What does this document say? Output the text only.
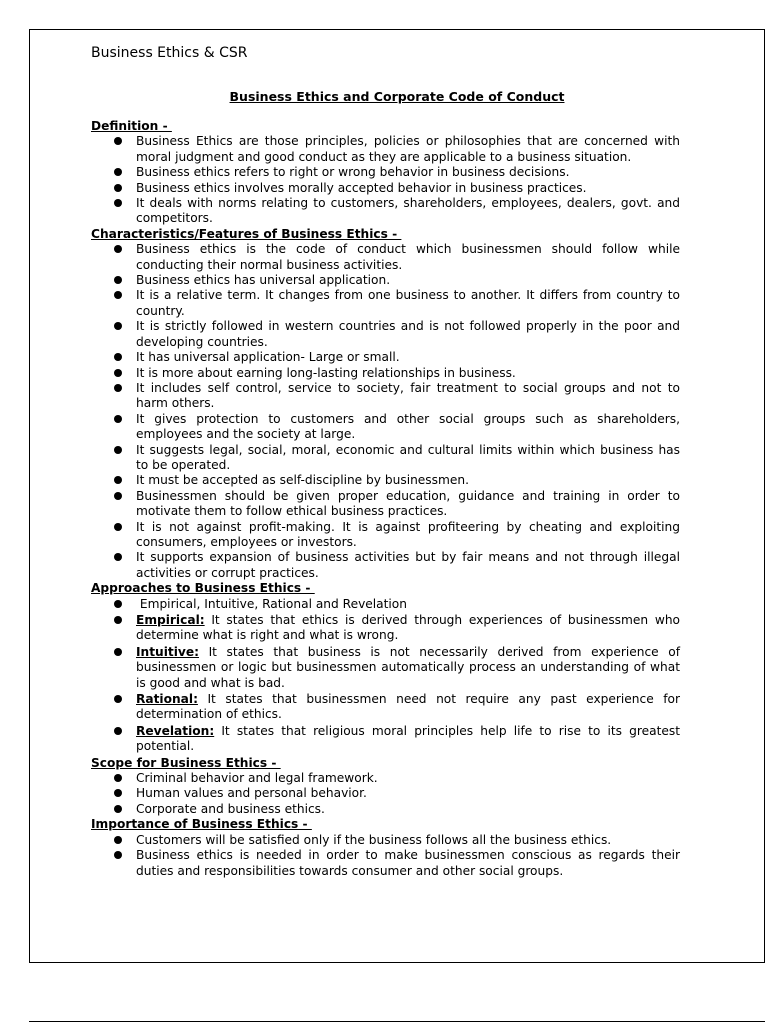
Business Ethics & CSR
Business Ethics and Corporate Code of Conduct
Definition -
Business Ethics are those principles, policies or philosophies that are concerned with moral judgment and good conduct as they are applicable to a business situation.
Business ethics refers to right or wrong behavior in business decisions.
Business ethics involves morally accepted behavior in business practices.
It deals with norms relating to customers, shareholders, employees, dealers, govt. and competitors.
Characteristics/Features of Business Ethics -
Business ethics is the code of conduct which businessmen should follow while conducting their normal business activities.
Business ethics has universal application.
It is a relative term. It changes from one business to another. It differs from country to country.
It is strictly followed in western countries and is not followed properly in the poor and developing countries.
It has universal application- Large or small.
It is more about earning long-lasting relationships in business.
It includes self control, service to society, fair treatment to social groups and not to harm others.
It gives protection to customers and other social groups such as shareholders, employees and the society at large.
It suggests legal, social, moral, economic and cultural limits within which business has to be operated.
It must be accepted as self-discipline by businessmen.
Businessmen should be given proper education, guidance and training in order to motivate them to follow ethical business practices.
It is not against profit-making. It is against profiteering by cheating and exploiting consumers, employees or investors.
It supports expansion of business activities but by fair means and not through illegal activities or corrupt practices.
Approaches to Business Ethics -
Empirical, Intuitive, Rational and Revelation
Empirical: It states that ethics is derived through experiences of businessmen who determine what is right and what is wrong.
Intuitive: It states that business is not necessarily derived from experience of businessmen or logic but businessmen automatically process an understanding of what is good and what is bad.
Rational: It states that businessmen need not require any past experience for determination of ethics.
Revelation: It states that religious moral principles help life to rise to its greatest potential.
Scope for Business Ethics -
Criminal behavior and legal framework.
Human values and personal behavior.
Corporate and business ethics.
Importance of Business Ethics -
Customers will be satisfied only if the business follows all the business ethics.
Business ethics is needed in order to make businessmen conscious as regards their duties and responsibilities towards consumer and other social groups.
